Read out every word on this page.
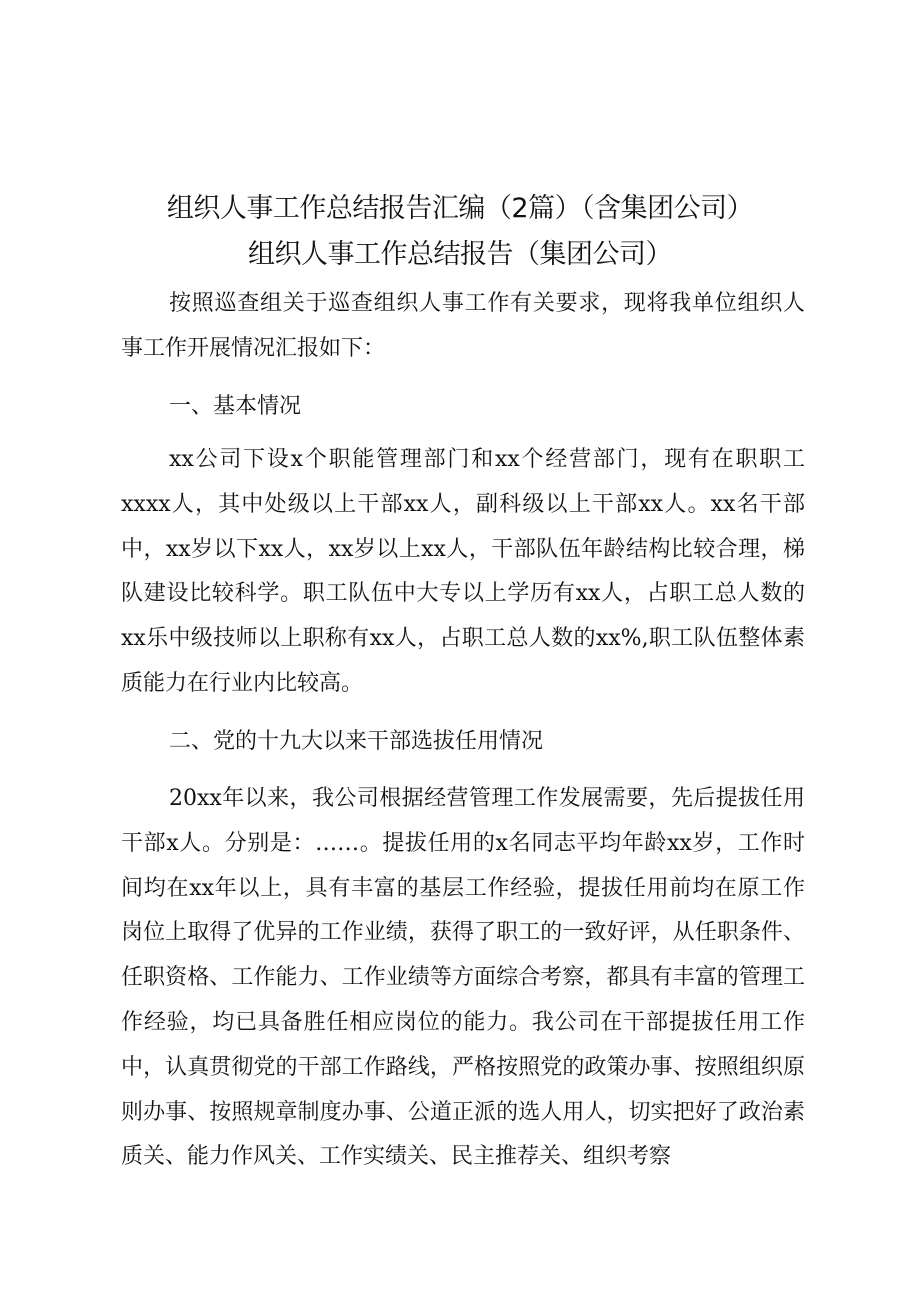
组织人事工作总结报告汇编（2篇）（含集团公司）
组织人事工作总结报告（集团公司）

按照巡查组关于巡查组织人事工作有关要求，现将我单位组织人事工作开展情况汇报如下：

一、基本情况

xx公司下设x个职能管理部门和xx个经营部门，现有在职职工xxxx人，其中处级以上干部xx人，副科级以上干部xx人。xx名干部中，xx岁以下xx人，xx岁以上xx人，干部队伍年龄结构比较合理，梯队建设比较科学。职工队伍中大专以上学历有xx人，占职工总人数的xx乐中级技师以上职称有xx人，占职工总人数的xx%,职工队伍整体素质能力在行业内比较高。

二、党的十九大以来干部选拔任用情况

20xx年以来，我公司根据经营管理工作发展需要，先后提拔任用干部x人。分别是：……。提拔任用的x名同志平均年龄xx岁，工作时间均在xx年以上，具有丰富的基层工作经验，提拔任用前均在原工作岗位上取得了优异的工作业绩，获得了职工的一致好评，从任职条件、任职资格、工作能力、工作业绩等方面综合考察，都具有丰富的管理工作经验，均已具备胜任相应岗位的能力。我公司在干部提拔任用工作中，认真贯彻党的干部工作路线，严格按照党的政策办事、按照组织原则办事、按照规章制度办事、公道正派的选人用人，切实把好了政治素质关、能力作风关、工作实绩关、民主推荐关、组织考察
